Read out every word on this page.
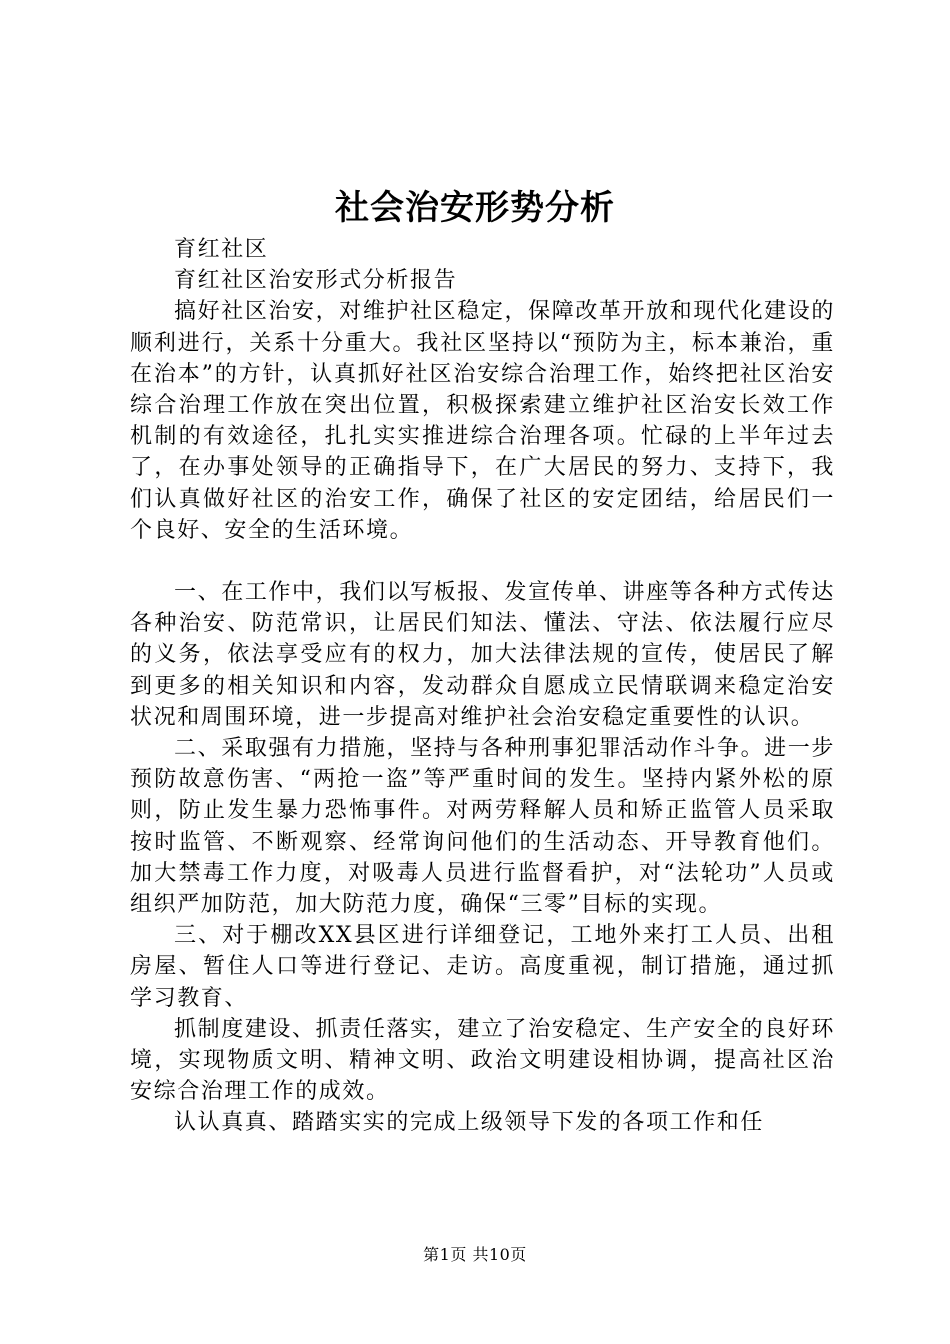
社会治安形势分析

育红社区

育红社区治安形式分析报告

搞好社区治安，对维护社区稳定，保障改革开放和现代化建设的顺利进行，关系十分重大。我社区坚持以“预防为主，标本兼治，重在治本”的方针，认真抓好社区治安综合治理工作，始终把社区治安综合治理工作放在突出位置，积极探索建立维护社区治安长效工作机制的有效途径，扎扎实实推进综合治理各项。忙碌的上半年过去了，在办事处领导的正确指导下，在广大居民的努力、支持下，我们认真做好社区的治安工作，确保了社区的安定团结，给居民们一个良好、安全的生活环境。

一、在工作中，我们以写板报、发宣传单、讲座等各种方式传达各种治安、防范常识，让居民们知法、懂法、守法、依法履行应尽的义务，依法享受应有的权力，加大法律法规的宣传，使居民了解到更多的相关知识和内容，发动群众自愿成立民情联调来稳定治安状况和周围环境，进一步提高对维护社会治安稳定重要性的认识。

二、采取强有力措施，坚持与各种刑事犯罪活动作斗争。进一步预防故意伤害、“两抢一盗”等严重时间的发生。坚持内紧外松的原则，防止发生暴力恐怖事件。对两劳释解人员和矫正监管人员采取按时监管、不断观察、经常询问他们的生活动态、开导教育他们。加大禁毒工作力度，对吸毒人员进行监督看护，对“法轮功”人员或组织严加防范，加大防范力度，确保“三零”目标的实现。

三、对于棚改XX县区进行详细登记，工地外来打工人员、出租房屋、暂住人口等进行登记、走访。高度重视，制订措施，通过抓学习教育、

抓制度建设、抓责任落实，建立了治安稳定、生产安全的良好环境，实现物质文明、精神文明、政治文明建设相协调，提高社区治安综合治理工作的成效。

认认真真、踏踏实实的完成上级领导下发的各项工作和任

第1页 共10页
